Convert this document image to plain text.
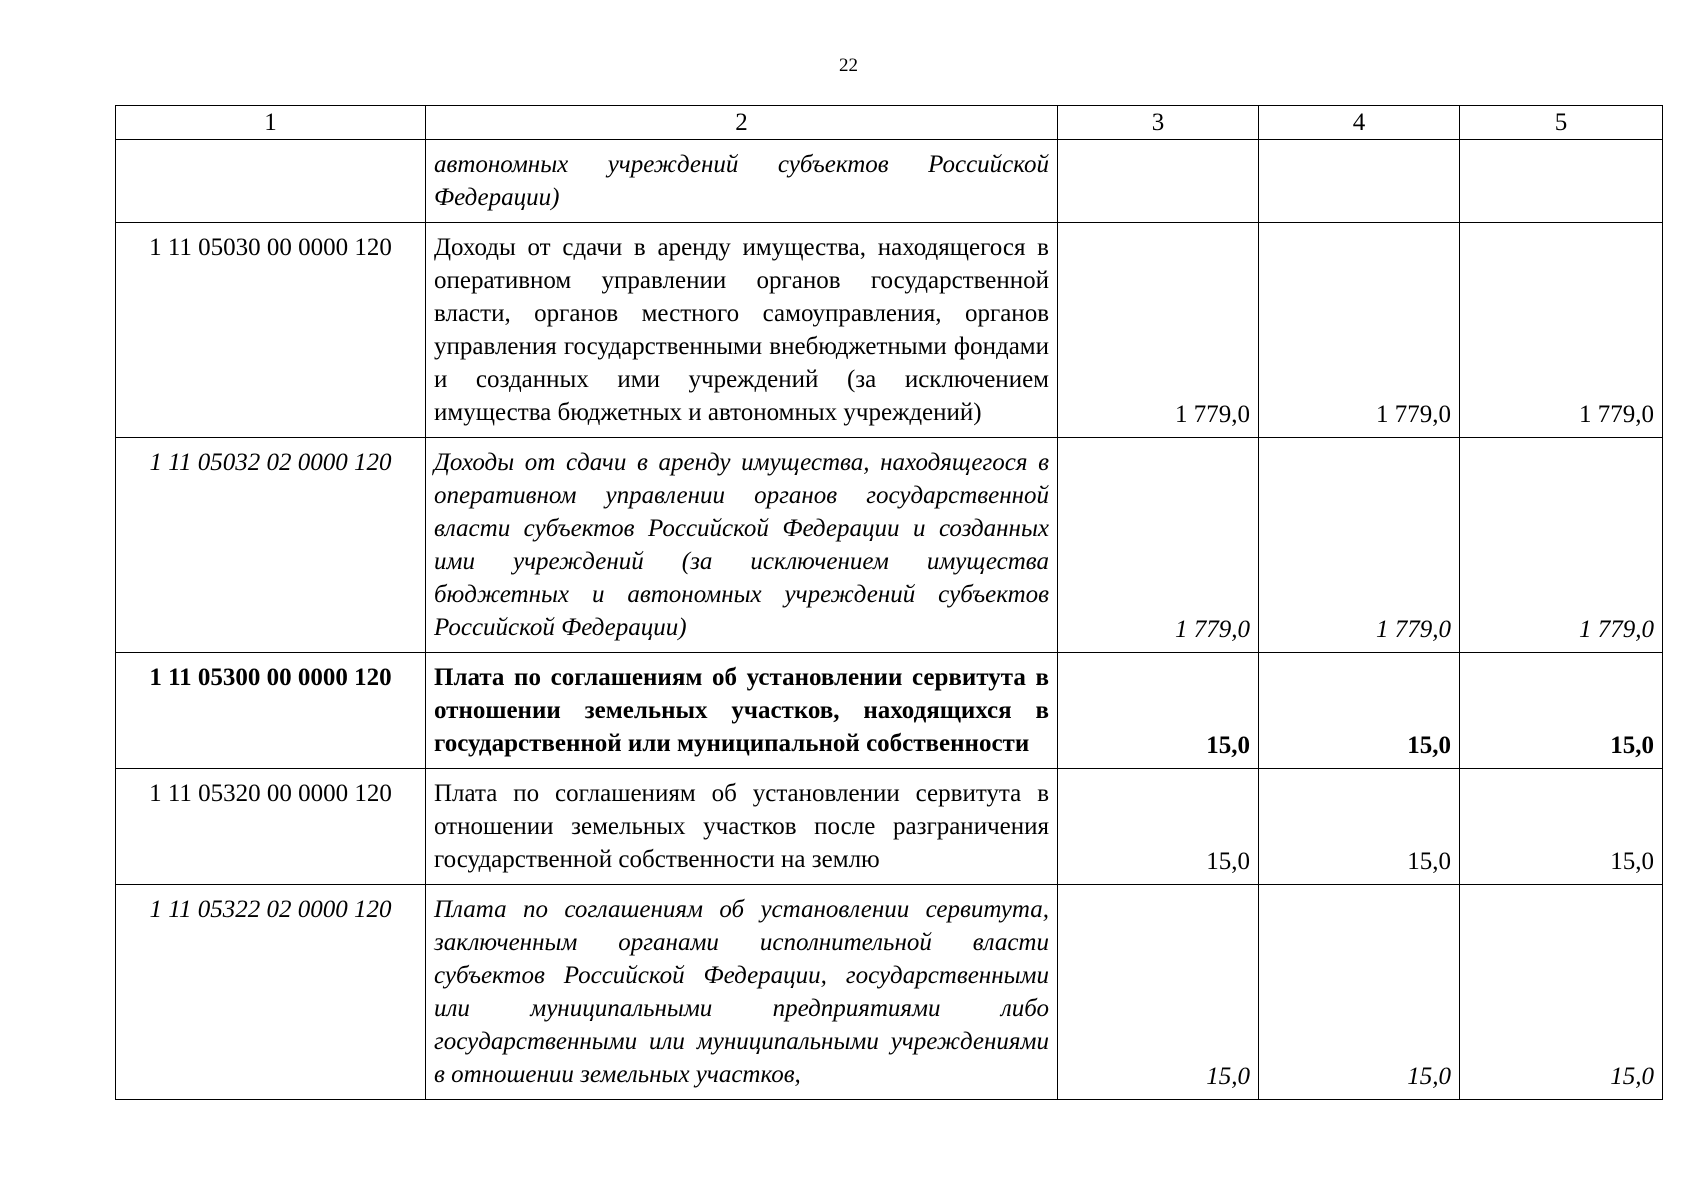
22
1	2	3	4	5
	автономных учреждений субъектов Российской Федерации)			
1 11 05030 00 0000 120	Доходы от сдачи в аренду имущества, находящегося в оперативном управлении органов государственной власти, органов местного самоуправления, органов управления государственными внебюджетными фондами и созданных ими учреждений (за исключением имущества бюджетных и автономных учреждений)	1 779,0	1 779,0	1 779,0
1 11 05032 02 0000 120	Доходы от сдачи в аренду имущества, находящегося в оперативном управлении органов государственной власти субъектов Российской Федерации и созданных ими учреждений (за исключением имущества бюджетных и автономных учреждений субъектов Российской Федерации)	1 779,0	1 779,0	1 779,0
1 11 05300 00 0000 120	Плата по соглашениям об установлении сервитута в отношении земельных участков, находящихся в государственной или муниципальной собственности	15,0	15,0	15,0
1 11 05320 00 0000 120	Плата по соглашениям об установлении сервитута в отношении земельных участков после разграничения государственной собственности на землю	15,0	15,0	15,0
1 11 05322 02 0000 120	Плата по соглашениям об установлении сервитута, заключенным органами исполнительной власти субъектов Российской Федерации, государственными или муниципальными предприятиями либо государственными или муниципальными учреждениями в отношении земельных участков,	15,0	15,0	15,0
